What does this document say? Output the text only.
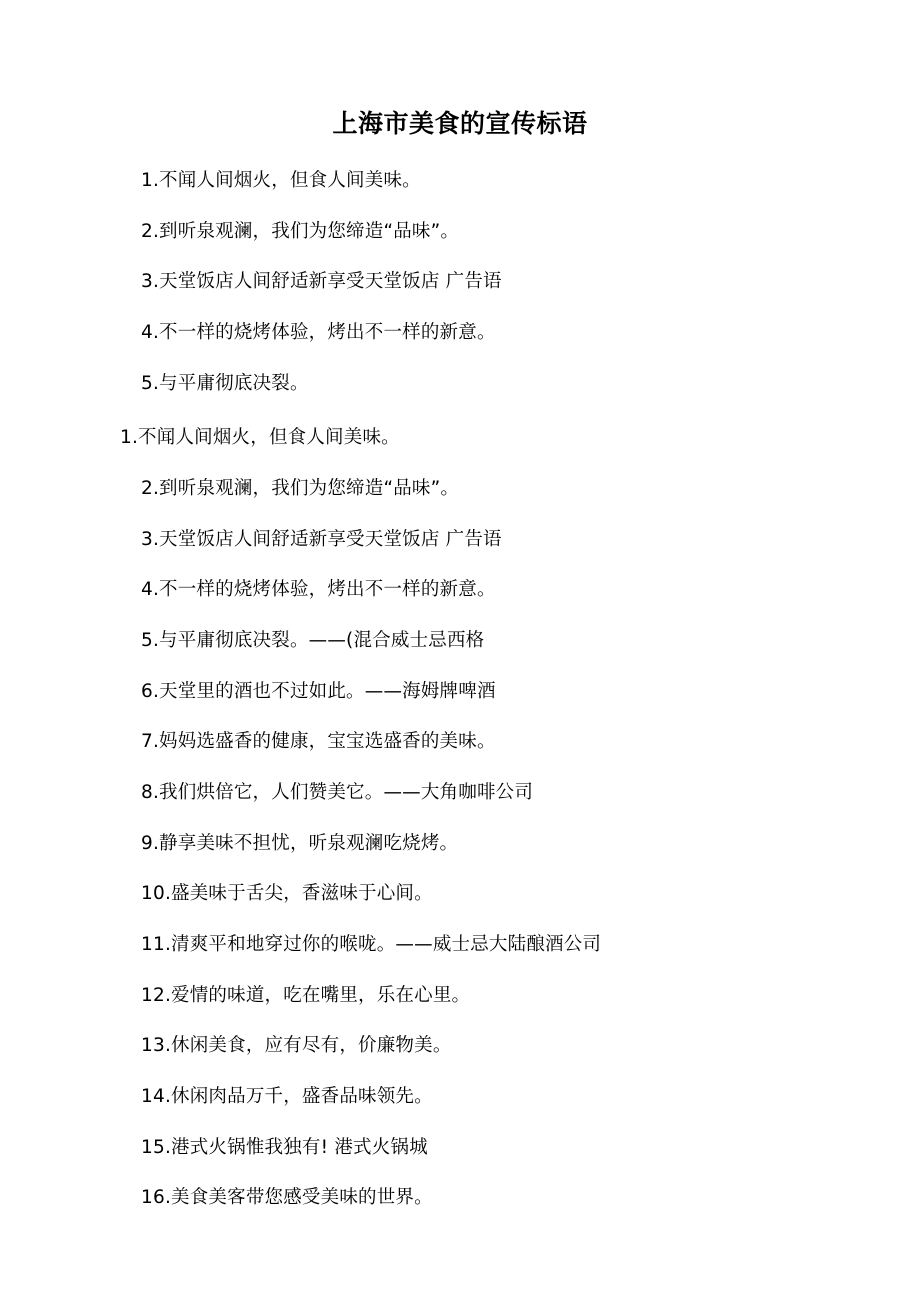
上海市美食的宣传标语

1.不闻人间烟火，但食人间美味。

2.到听泉观澜，我们为您缔造“品味”。

3.天堂饭店人间舒适新享受天堂饭店 广告语

4.不一样的烧烤体验，烤出不一样的新意。

5.与平庸彻底决裂。

1.不闻人间烟火，但食人间美味。

2.到听泉观澜，我们为您缔造“品味”。

3.天堂饭店人间舒适新享受天堂饭店 广告语

4.不一样的烧烤体验，烤出不一样的新意。

5.与平庸彻底决裂。——(混合威士忌西格

6.天堂里的酒也不过如此。——海姆牌啤酒

7.妈妈选盛香的健康，宝宝选盛香的美味。

8.我们烘倍它，人们赞美它。——大角咖啡公司

9.静享美味不担忧，听泉观澜吃烧烤。

10.盛美味于舌尖，香滋味于心间。

11.清爽平和地穿过你的喉咙。——威士忌大陆酿酒公司

12.爱情的味道，吃在嘴里，乐在心里。

13.休闲美食，应有尽有，价廉物美。

14.休闲肉品万千，盛香品味领先。

15.港式火锅惟我独有! 港式火锅城

16.美食美客带您感受美味的世界。
